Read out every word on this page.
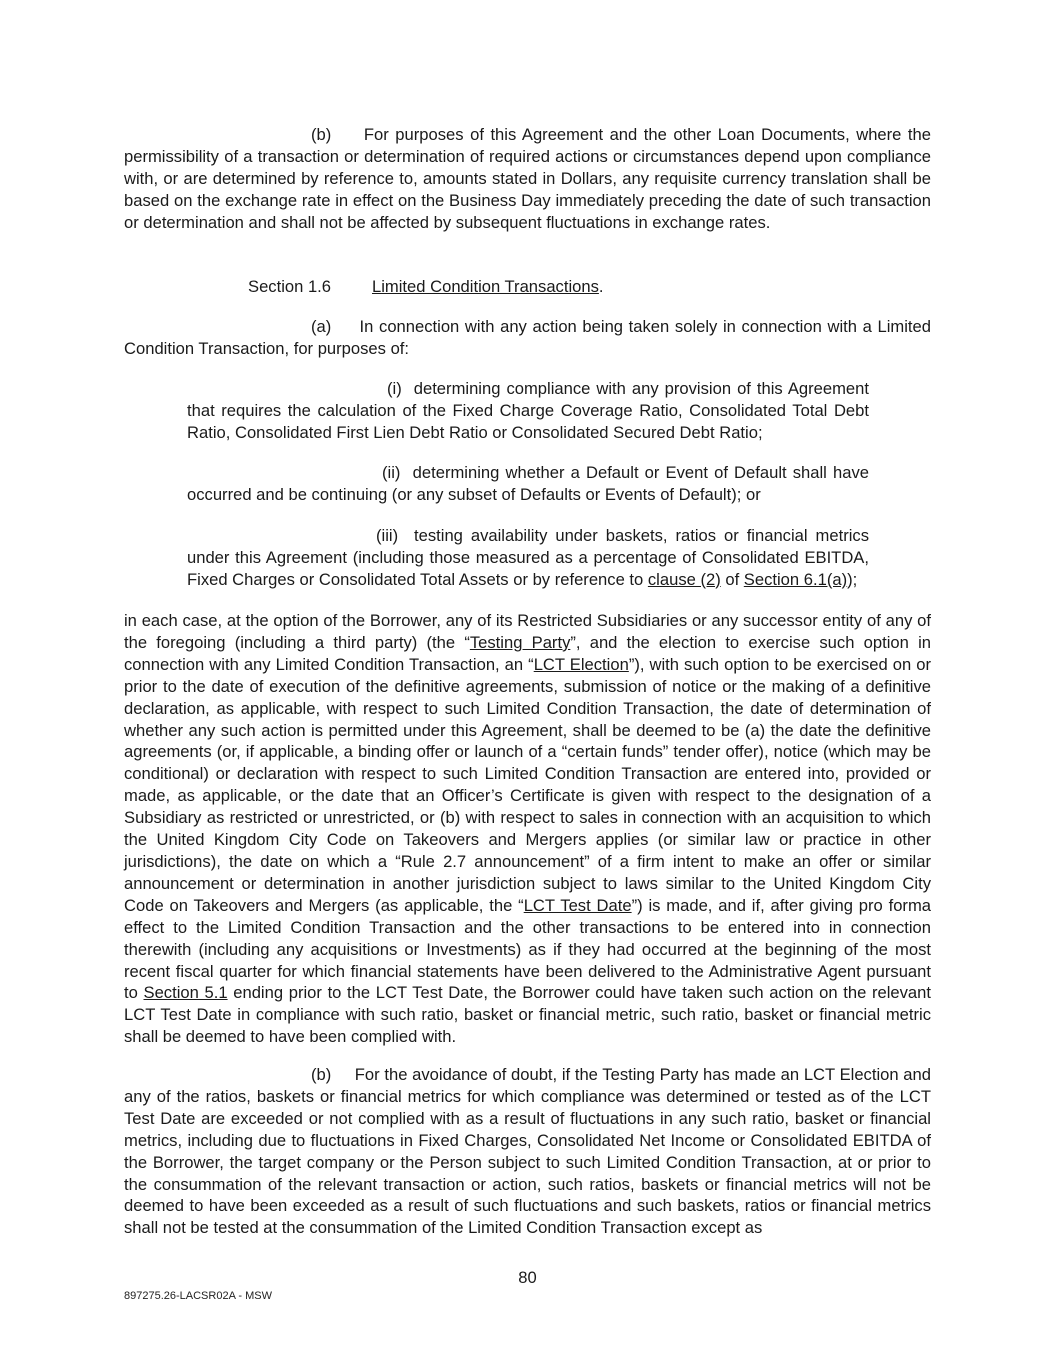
(b)     For purposes of this Agreement and the other Loan Documents, where the permissibility of a transaction or determination of required actions or circumstances depend upon compliance with, or are determined by reference to, amounts stated in Dollars, any requisite currency translation shall be based on the exchange rate in effect on the Business Day immediately preceding the date of such transaction or determination and shall not be affected by subsequent fluctuations in exchange rates.

Section 1.6 Limited Condition Transactions.

(a)     In connection with any action being taken solely in connection with a Limited Condition Transaction, for purposes of:

(i)  determining compliance with any provision of this Agreement that requires the calculation of the Fixed Charge Coverage Ratio, Consolidated Total Debt Ratio, Consolidated First Lien Debt Ratio or Consolidated Secured Debt Ratio;

(ii)  determining whether a Default or Event of Default shall have occurred and be continuing (or any subset of Defaults or Events of Default); or

(iii)  testing availability under baskets, ratios or financial metrics under this Agreement (including those measured as a percentage of Consolidated EBITDA, Fixed Charges or Consolidated Total Assets or by reference to clause (2) of Section 6.1(a));

in each case, at the option of the Borrower, any of its Restricted Subsidiaries or any successor entity of any of the foregoing (including a third party) (the “Testing Party”, and the election to exercise such option in connection with any Limited Condition Transaction, an “LCT Election”), with such option to be exercised on or prior to the date of execution of the definitive agreements, submission of notice or the making of a definitive declaration, as applicable, with respect to such Limited Condition Transaction, the date of determination of whether any such action is permitted under this Agreement, shall be deemed to be (a) the date the definitive agreements (or, if applicable, a binding offer or launch of a “certain funds” tender offer), notice (which may be conditional) or declaration with respect to such Limited Condition Transaction are entered into, provided or made, as applicable, or the date that an Officer’s Certificate is given with respect to the designation of a Subsidiary as restricted or unrestricted, or (b) with respect to sales in connection with an acquisition to which the United Kingdom City Code on Takeovers and Mergers applies (or similar law or practice in other jurisdictions), the date on which a “Rule 2.7 announcement” of a firm intent to make an offer or similar announcement or determination in another jurisdiction subject to laws similar to the United Kingdom City Code on Takeovers and Mergers (as applicable, the “LCT Test Date”) is made, and if, after giving pro forma effect to the Limited Condition Transaction and the other transactions to be entered into in connection therewith (including any acquisitions or Investments) as if they had occurred at the beginning of the most recent fiscal quarter for which financial statements have been delivered to the Administrative Agent pursuant to Section 5.1 ending prior to the LCT Test Date, the Borrower could have taken such action on the relevant LCT Test Date in compliance with such ratio, basket or financial metric, such ratio, basket or financial metric shall be deemed to have been complied with.

(b)     For the avoidance of doubt, if the Testing Party has made an LCT Election and any of the ratios, baskets or financial metrics for which compliance was determined or tested as of the LCT Test Date are exceeded or not complied with as a result of fluctuations in any such ratio, basket or financial metrics, including due to fluctuations in Fixed Charges, Consolidated Net Income or Consolidated EBITDA of the Borrower, the target company or the Person subject to such Limited Condition Transaction, at or prior to the consummation of the relevant transaction or action, such ratios, baskets or financial metrics will not be deemed to have been exceeded as a result of such fluctuations and such baskets, ratios or financial metrics shall not be tested at the consummation of the Limited Condition Transaction except as

80
897275.26-LACSR02A - MSW
